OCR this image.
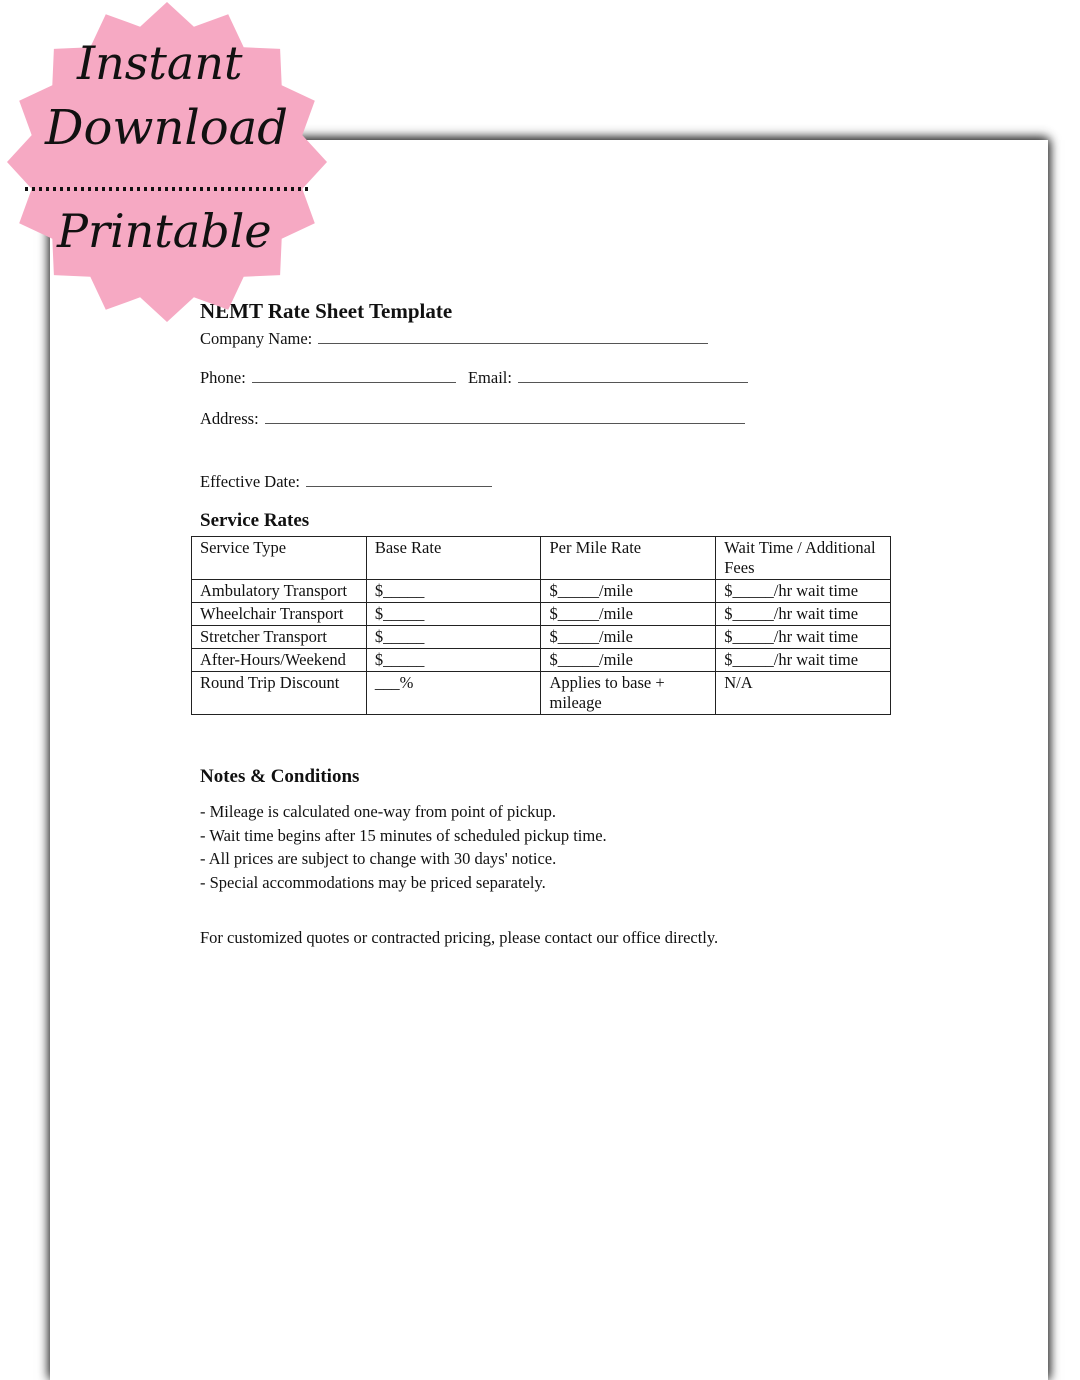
NEMT Rate Sheet Template
Company Name:
Phone:	Email:
Address:
Effective Date:
Service Rates
Service Type	Base Rate	Per Mile Rate	Wait Time / Additional Fees
Ambulatory Transport	$_____	$_____/mile	$_____/hr wait time
Wheelchair Transport	$_____	$_____/mile	$_____/hr wait time
Stretcher Transport	$_____	$_____/mile	$_____/hr wait time
After-Hours/Weekend	$_____	$_____/mile	$_____/hr wait time
Round Trip Discount	___%	Applies to base + mileage	N/A
Notes & Conditions
- Mileage is calculated one-way from point of pickup.
- Wait time begins after 15 minutes of scheduled pickup time.
- All prices are subject to change with 30 days' notice.
- Special accommodations may be priced separately.
For customized quotes or contracted pricing, please contact our office directly.
Instant
Download
Printable
